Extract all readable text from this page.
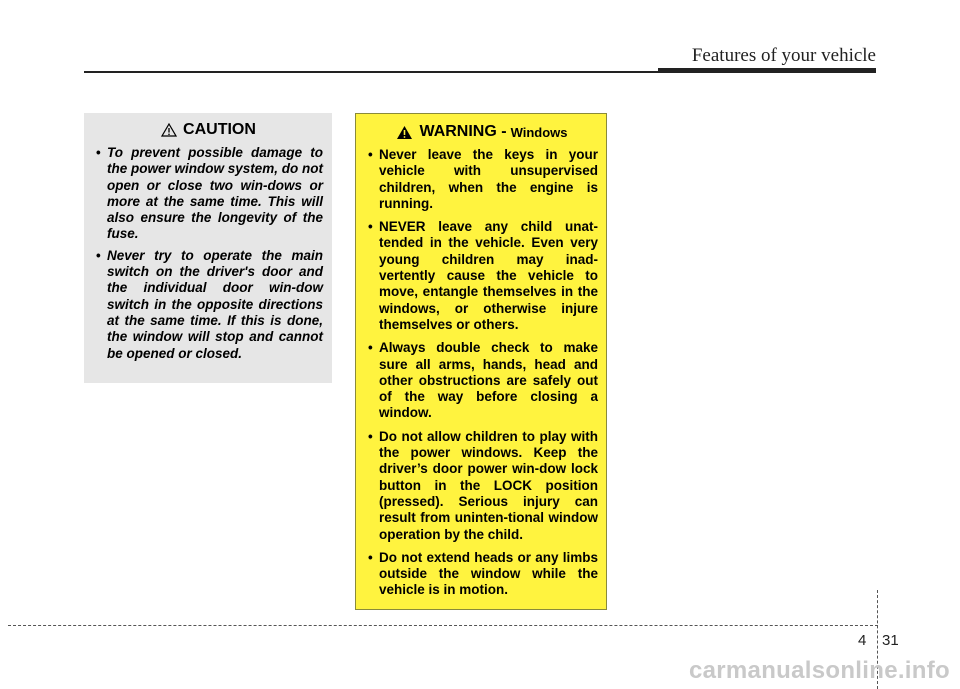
Features of your vehicle
CAUTION
• To prevent possible damage to the power window system, do not open or close two win-dows or more at the same time. This will also ensure the longevity of the fuse.
• Never try to operate the main switch on the driver's door and the individual door win-dow switch in the opposite directions at the same time. If this is done, the window will stop and cannot be opened or closed.
WARNING - Windows
• Never leave the keys in your vehicle with unsupervised children, when the engine is running.
• NEVER leave any child unat-tended in the vehicle. Even very young children may inad-vertently cause the vehicle to move, entangle themselves in the windows, or otherwise injure themselves or others.
• Always double check to make sure all arms, hands, head and other obstructions are safely out of the way before closing a window.
• Do not allow children to play with the power windows. Keep the driver’s door power win-dow lock button in the LOCK position (pressed). Serious injury can result from uninten-tional window operation by the child.
• Do not extend heads or any limbs outside the window while the vehicle is in motion.
4 31
carmanualsonline.info
